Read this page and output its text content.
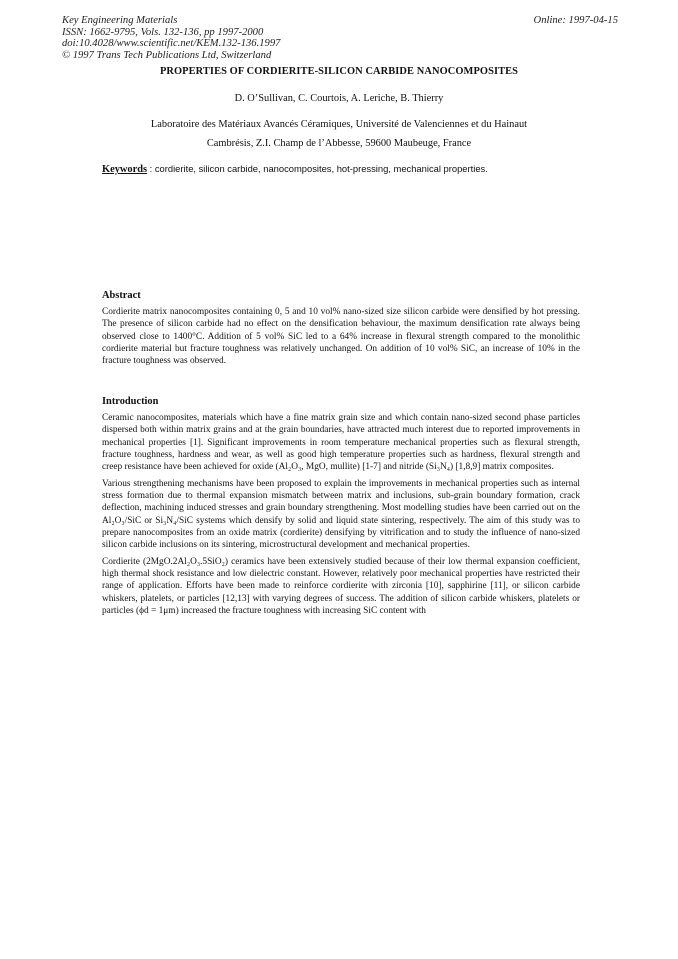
Key Engineering Materials
ISSN: 1662-9795, Vols. 132-136, pp 1997-2000
doi:10.4028/www.scientific.net/KEM.132-136.1997
© 1997 Trans Tech Publications Ltd, Switzerland
Online: 1997-04-15
PROPERTIES OF CORDIERITE-SILICON CARBIDE NANOCOMPOSITES
D. O’Sullivan, C. Courtois, A. Leriche, B. Thierry
Laboratoire des Matériaux Avancés Céramiques, Université de Valenciennes et du Hainaut
Cambrésis, Z.I. Champ de l’Abbesse, 59600 Maubeuge, France
Keywords : cordierite, silicon carbide, nanocomposites, hot-pressing, mechanical properties.
Abstract

Cordierite matrix nanocomposites containing 0, 5 and 10 vol% nano-sized size silicon carbide were densified by hot pressing. The presence of silicon carbide had no effect on the densification behaviour, the maximum densification rate always being observed close to 1400°C. Addition of 5 vol% SiC led to a 64% increase in flexural strength compared to the monolithic cordierite material but fracture toughness was relatively unchanged. On addition of 10 vol% SiC, an increase of 10% in the fracture toughness was observed.

Introduction

Ceramic nanocomposites, materials which have a fine matrix grain size and which contain nano-sized second phase particles dispersed both within matrix grains and at the grain boundaries, have attracted much interest due to reported improvements in mechanical properties [1]. Significant improvements in room temperature mechanical properties such as flexural strength, fracture toughness, hardness and wear, as well as good high temperature properties such as hardness, flexural strength and creep resistance have been achieved for oxide (Al₂O₃, MgO, mullite) [1-7] and nitride (Si₃N₄) [1,8,9] matrix composites.

Various strengthening mechanisms have been proposed to explain the improvements in mechanical properties such as internal stress formation due to thermal expansion mismatch between matrix and inclusions, sub-grain boundary formation, crack deflection, machining induced stresses and grain boundary strengthening. Most modelling studies have been carried out on the Al₂O₃/SiC or Si₃N₄/SiC systems which densify by solid and liquid state sintering, respectively. The aim of this study was to prepare nanocomposites from an oxide matrix (cordierite) densifying by vitrification and to study the influence of nano-sized silicon carbide inclusions on its sintering, microstructural development and mechanical properties.

Cordierite (2MgO.2Al₂O₃.5SiO₂) ceramics have been extensively studied because of their low thermal expansion coefficient, high thermal shock resistance and low dielectric constant. However, relatively poor mechanical properties have restricted their range of application. Efforts have been made to reinforce cordierite with zirconia [10], sapphirine [11], or silicon carbide whiskers, platelets, or particles [12,13] with varying degrees of success. The addition of silicon carbide whiskers, platelets or particles (ϕd = 1μm) increased the fracture toughness with increasing SiC content with
